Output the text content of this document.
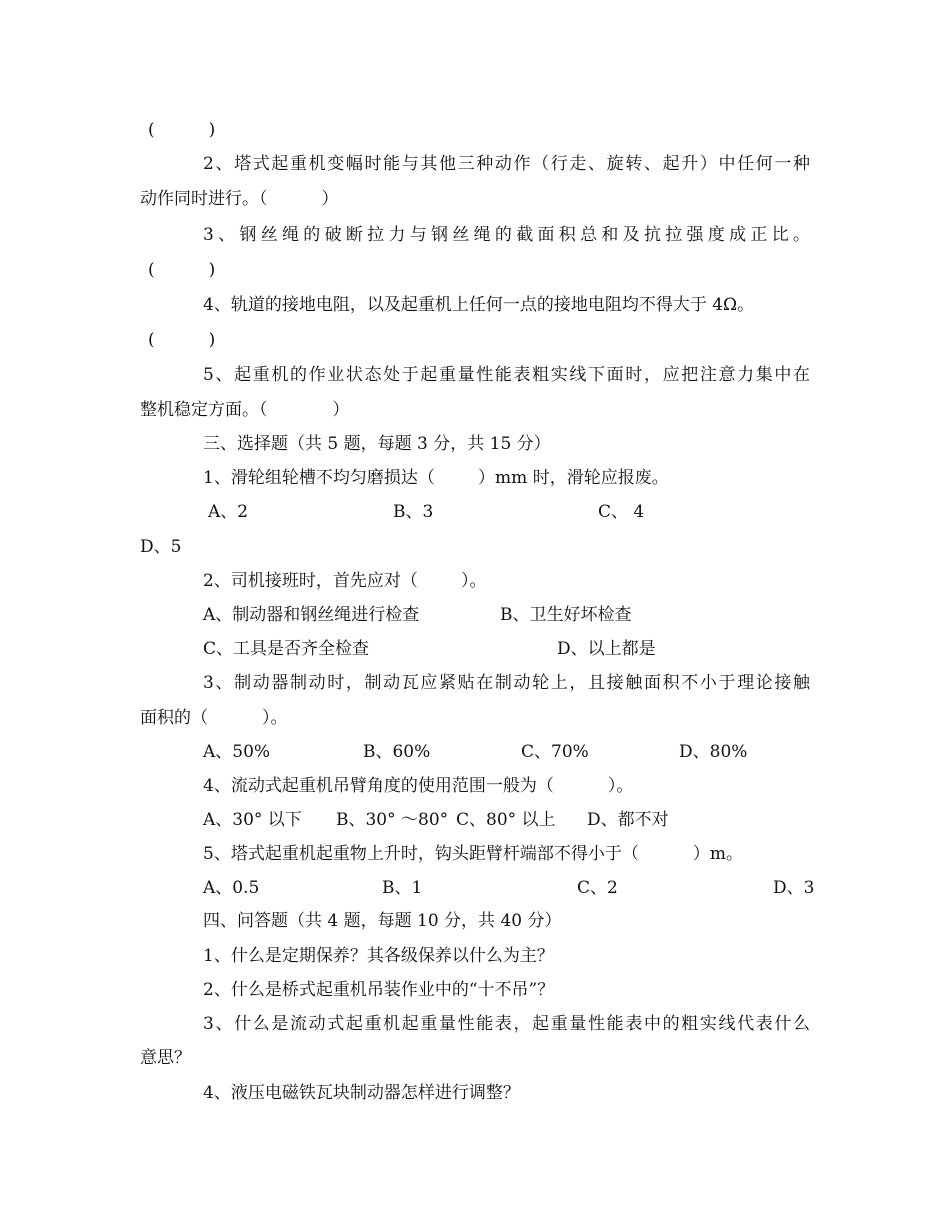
(          )
2、塔式起重机变幅时能与其他三种动作（行走、旋转、起升）中任何一种
动作同时进行。（          ）
3、钢丝绳的破断拉力与钢丝绳的截面积总和及抗拉强度成正比。
(          )
4、轨道的接地电阻，以及起重机上任何一点的接地电阻均不得大于 4Ω。
(          )
5、起重机的作业状态处于起重量性能表粗实线下面时，应把注意力集中在
整机稳定方面。（            ）
三、选择题（共 5 题，每题 3 分，共 15 分）
1、滑轮组轮槽不均匀磨损达（        ）mm 时，滑轮应报废。
A、2	B、3	C、 4
D、5
2、司机接班时，首先应对（        ）。
A、制动器和钢丝绳进行检查	B、卫生好坏检查
C、工具是否齐全检查	D、以上都是
3、制动器制动时，制动瓦应紧贴在制动轮上，且接触面积不小于理论接触
面积的（          ）。
A、50%	B、60%	C、70%	D、80%
4、流动式起重机吊臂角度的使用范围一般为（          ）。
A、30° 以下 B、30° ～80° C、80° 以上 D、都不对
5、塔式起重机起重物上升时，钩头距臂杆端部不得小于（          ）m。
A、0.5	B、1	C、2	D、3
四、问答题（共 4 题，每题 10 分，共 40 分）
1、什么是定期保养？其各级保养以什么为主？
2、什么是桥式起重机吊装作业中的“十不吊”？
3、什么是流动式起重机起重量性能表，起重量性能表中的粗实线代表什么
意思？
4、液压电磁铁瓦块制动器怎样进行调整？
